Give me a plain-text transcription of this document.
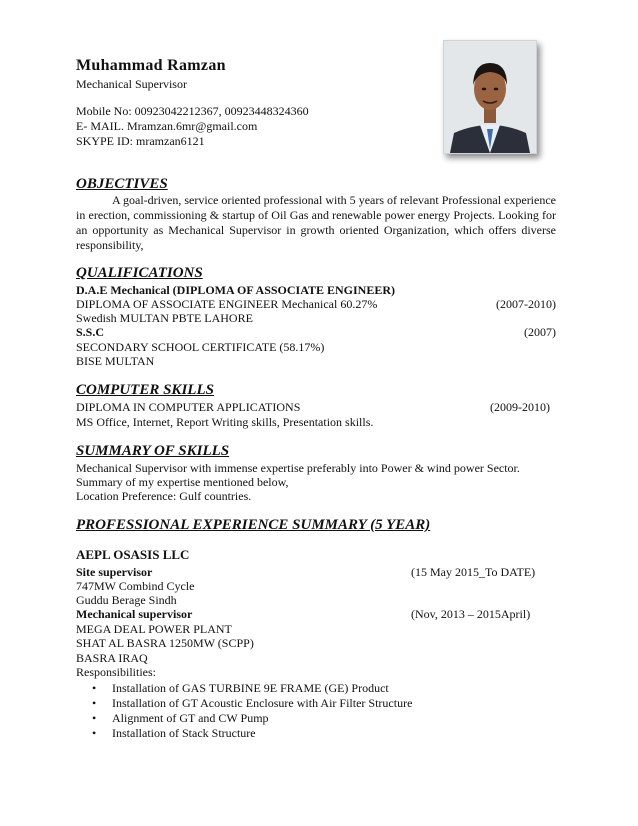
Muhammad Ramzan
Mechanical Supervisor
Mobile No: 00923042212367, 00923448324360
E- MAIL. Mramzan.6mr@gmail.com
SKYPE ID: mramzan6121
OBJECTIVES
A goal-driven, service oriented professional with 5 years of relevant Professional experience in erection, commissioning & startup of Oil Gas and renewable power energy Projects. Looking for an opportunity as Mechanical Supervisor in growth oriented Organization, which offers diverse responsibility,
QUALIFICATIONS
D.A.E Mechanical (DIPLOMA OF ASSOCIATE ENGINEER)
DIPLOMA OF ASSOCIATE ENGINEER Mechanical 60.27%	(2007-2010)
Swedish MULTAN PBTE LAHORE
S.S.C	(2007)
SECONDARY SCHOOL CERTIFICATE (58.17%)
BISE MULTAN
COMPUTER SKILLS
DIPLOMA IN COMPUTER APPLICATIONS	(2009-2010)
MS Office, Internet, Report Writing skills, Presentation skills.
SUMMARY OF SKILLS
Mechanical Supervisor with immense expertise preferably into Power & wind power Sector.
Summary of my expertise mentioned below,
Location Preference: Gulf countries.
PROFESSIONAL EXPERIENCE SUMMARY (5 YEAR)
AEPL OSASIS LLC
Site supervisor	(15 May 2015_To DATE)
747MW Combind Cycle
Guddu Berage Sindh
Mechanical supervisor	(Nov, 2013 – 2015April)
MEGA DEAL POWER PLANT
SHAT AL BASRA 1250MW (SCPP)
BASRA IRAQ
Responsibilities:
• Installation of GAS TURBINE 9E FRAME (GE) Product
• Installation of GT Acoustic Enclosure with Air Filter Structure
• Alignment of GT and CW Pump
• Installation of Stack Structure
